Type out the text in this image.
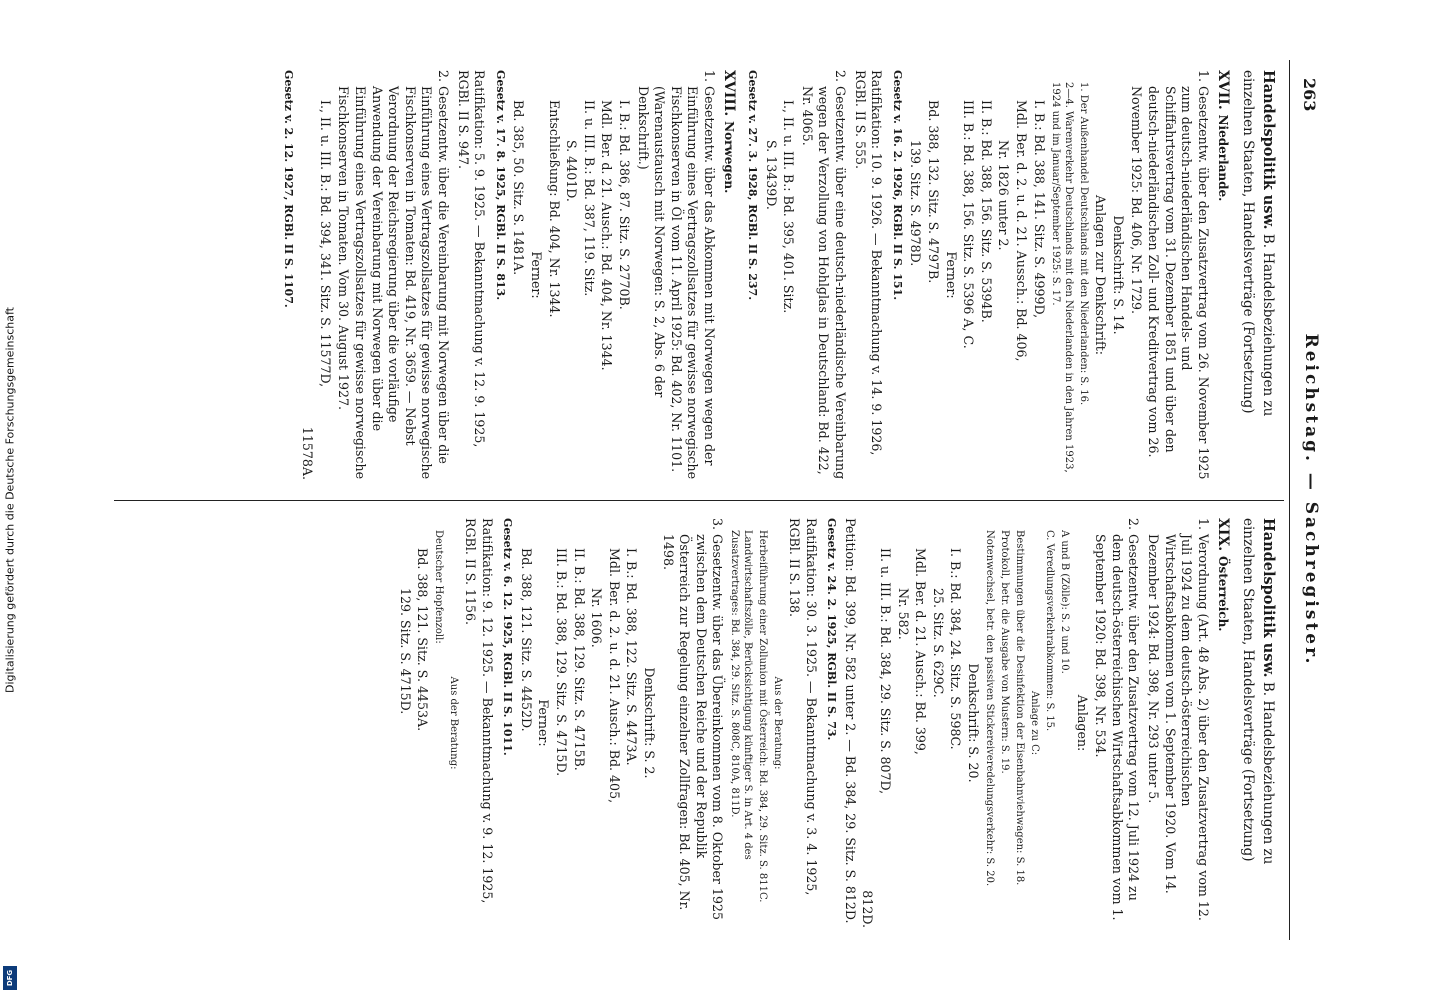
263
Reichstag. — Sachregister.
Handelspolitik usw. B. Handelsbeziehungen zu einzelnen Staaten, Handelsverträge (Fortsetzung)
XVII. Niederlande.
1. Gesetzentw. über den Zusatzvertrag vom 26. November 1925 zum deutsch-niederländischen Handels- und Schiffahrtsvertrag vom 31. Dezember 1851 und über den deutsch-niederländischen Zoll- und Kreditvertrag vom 26. November 1925: Bd. 406, Nr. 1729.
Denkschrift: S. 14.
Anlagen zur Denkschrift:
1. Der Außenhandel Deutschlands mit den Niederlanden: S. 16.
2—4. Warenverkehr Deutschlands mit den Niederlanden in den Jahren 1923, 1924 und im Januar/September 1925: S. 17.
I. B.: Bd. 388, 141. Sitz. S. 4999D,
Mdl. Ber. d. 2. u. d. 21. Aussch.: Bd. 406,
Nr. 1826 unter 2.
II. B.: Bd. 388, 156. Sitz. S. 5394B.
III. B.: Bd. 388, 156. Sitz. S. 5396 A, C.
Ferner:
Bd. 388, 132. Sitz. S. 4797B.
139. Sitz. S. 4978D.
Gesetz v. 16. 2. 1926, RGBl. II S. 151.
Ratifikation: 10. 9. 1926. — Bekanntmachung v. 14. 9. 1926, RGBl. II S. 555.
2. Gesetzentw. über eine deutsch-niederländische Vereinbarung wegen der Verzollung von Hohlglas in Deutschland: Bd. 422, Nr. 4065.
I., II. u. III. B.: Bd. 395, 401. Sitz.
S. 13439D.
Gesetz v. 27. 3. 1928, RGBl. II S. 237.
XVIII. Norwegen.
1. Gesetzentw. über das Abkommen mit Norwegen wegen der Einführung eines Vertragszollsatzes für gewisse norwegische Fischkonserven in Öl vom 11. April 1925: Bd. 402, Nr. 1101. (Warenaustausch mit Norwegen: S. 2, Abs. 6 der Denkschrift.)
I. B.: Bd. 386, 87. Sitz. S. 2770B.
Mdl. Ber. d. 21. Ausch.: Bd. 404, Nr. 1344.
II. u. III. B.: Bd. 387, 119. Sitz.
S. 4401D.
Entschließung: Bd. 404, Nr. 1344.
Ferner:
Bd. 385, 50. Sitz. S. 1481A.
Gesetz v. 17. 8. 1925, RGBl. II S. 813.
Ratifikation: 5. 9. 1925. — Bekanntmachung v. 12. 9. 1925, RGBl. II S. 947.
2. Gesetzentw. über die Vereinbarung mit Norwegen über die Einführung eines Vertragszollsatzes für gewisse norwegische Fischkonserven in Tomaten: Bd. 419, Nr. 3659. — Nebst Verordnung der Reichsregierung über die vorläufige Anwendung der Vereinbarung mit Norwegen über die Einführung eines Vertragszollsatzes für gewisse norwegische Fischkonserven in Tomaten. Vom 30. August 1927.
I., II. u. III. B.: Bd. 394, 341. Sitz. S. 11577D,
11578A.
Gesetz v. 2. 12. 1927, RGBl. II S. 1107.
Handelspolitik usw. B. Handelsbeziehungen zu einzelnen Staaten, Handelsverträge (Fortsetzung)
XIX. Österreich.
1. Verordnung (Art. 48 Abs. 2) über den Zusatzvertrag vom 12. Juli 1924 zu dem deutsch-österreichischen Wirtschaftsabkommen vom 1. September 1920. Vom 14. Dezember 1924: Bd. 398, Nr. 293 unter 5.
2. Gesetzentw. über den Zusatzvertrag vom 12. Juli 1924 zu dem deutsch-österreichischen Wirtschaftsabkommen vom 1. September 1920: Bd. 398, Nr. 534.
Anlagen:
A und B (Zölle): S. 2 und 10.
C. Veredlungsverkehrabkommen: S. 15.
Anlage zu C:
Bestimmungen über die Desinfektion der Eisenbahnviehwagen: S. 18.
Protokoll, betr. die Ausgabe von Mustern: S. 19.
Notenwechsel, betr. den passiven Stickereiveredelungsverkehr: S. 20.
Denkschrift: S. 20.
I. B.: Bd. 384, 24. Sitz. S. 598C.
25. Sitz. S. 629C.
Mdl. Ber. d. 21. Ausch.: Bd. 399,
Nr. 582.
II. u. III. B.: Bd. 384, 29. Sitz. S. 807D,
812D.
Petition: Bd. 399, Nr. 582 unter 2. — Bd. 384, 29. Sitz. S. 812D.
Gesetz v. 24. 2. 1925, RGBl. II S. 73.
Ratifikation: 30. 3. 1925. — Bekanntmachung v. 3. 4. 1925, RGBl. II S. 138.
Aus der Beratung:
Herbeiführung einer Zollunion mit Österreich: Bd. 384, 29. Sitz. S. 811C.
Landwirtschaftszölle, Berücksichtigung künftiger S. in Art. 4 des Zusatzvertrages: Bd. 384, 29. Sitz. S. 808C, 810A, 811D.
3. Gesetzentw. über das Übereinkommen vom 8. Oktober 1925 zwischen dem Deutschen Reiche und der Republik Österreich zur Regelung einzelner Zollfragen: Bd. 405, Nr. 1498.
Denkschrift: S. 2.
I. B.: Bd. 388, 122. Sitz. S. 4473A.
Mdl. Ber. d. 2. u. d. 21. Ausch.: Bd. 405,
Nr. 1606.
II. B.: Bd. 388, 129. Sitz. S. 4715B.
III. B.: Bd. 388, 129. Sitz. S. 4715D.
Ferner:
Bd. 388, 121. Sitz. S. 4452D.
Gesetz v. 6. 12. 1925, RGBl. II S. 1011.
Ratifikation: 9. 12. 1925. — Bekanntmachung v. 9. 12. 1925, RGBl. II S. 1156.
Aus der Beratung:
Deutscher Hopfenzoll:
Bd. 388, 121. Sitz. S. 4453A.
129. Sitz. S. 4715D.
Digitalisierung gefördert durch die Deutsche Forschungsgemeinschaft
DFG
